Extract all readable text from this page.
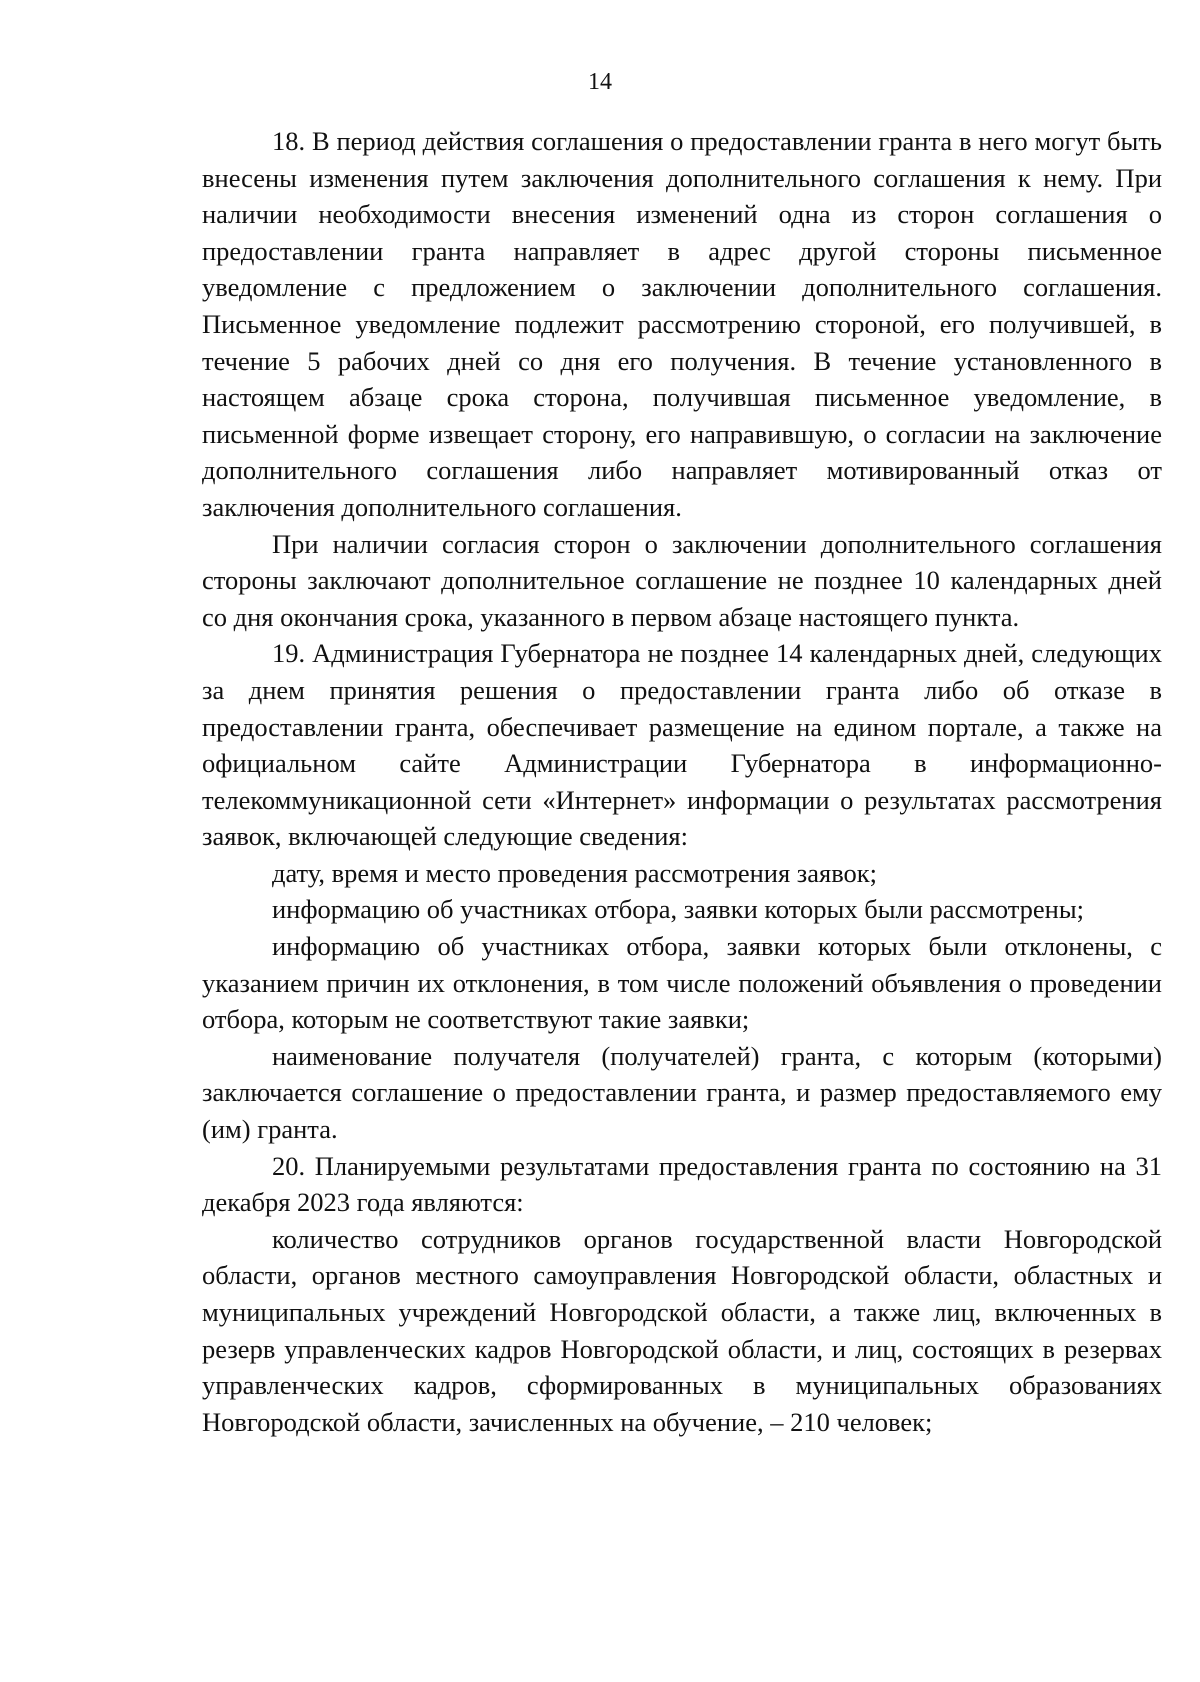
14

18. В период действия соглашения о предоставлении гранта в него могут быть внесены изменения путем заключения дополнительного соглашения к нему. При наличии необходимости внесения изменений одна из сторон соглашения о предоставлении гранта направляет в адрес другой стороны письменное уведомление с предложением о заключении дополнительного соглашения. Письменное уведомление подлежит рассмотрению стороной, его получившей, в течение 5 рабочих дней со дня его получения. В течение установленного в настоящем абзаце срока сторона, получившая письменное уведомление, в письменной форме извещает сторону, его направившую, о согласии на заключение дополнительного соглашения либо направляет мотивированный отказ от заключения дополнительного соглашения.

При наличии согласия сторон о заключении дополнительного соглашения стороны заключают дополнительное соглашение не позднее 10 календарных дней со дня окончания срока, указанного в первом абзаце настоящего пункта.

19. Администрация Губернатора не позднее 14 календарных дней, следующих за днем принятия решения о предоставлении гранта либо об отказе в предоставлении гранта, обеспечивает размещение на едином портале, а также на официальном сайте Администрации Губернатора в информационно-телекоммуникационной сети «Интернет» информации о результатах рассмотрения заявок, включающей следующие сведения:

дату, время и место проведения рассмотрения заявок;

информацию об участниках отбора, заявки которых были рассмотрены;

информацию об участниках отбора, заявки которых были отклонены, с указанием причин их отклонения, в том числе положений объявления о проведении отбора, которым не соответствуют такие заявки;

наименование получателя (получателей) гранта, с которым (которыми) заключается соглашение о предоставлении гранта, и размер предоставляемого ему (им) гранта.

20. Планируемыми результатами предоставления гранта по состоянию на 31 декабря 2023 года являются:

количество сотрудников органов государственной власти Новгородской области, органов местного самоуправления Новгородской области, областных и муниципальных учреждений Новгородской области, а также лиц, включенных в резерв управленческих кадров Новгородской области, и лиц, состоящих в резервах управленческих кадров, сформированных в муниципальных образованиях Новгородской области, зачисленных на обучение, – 210 человек;
